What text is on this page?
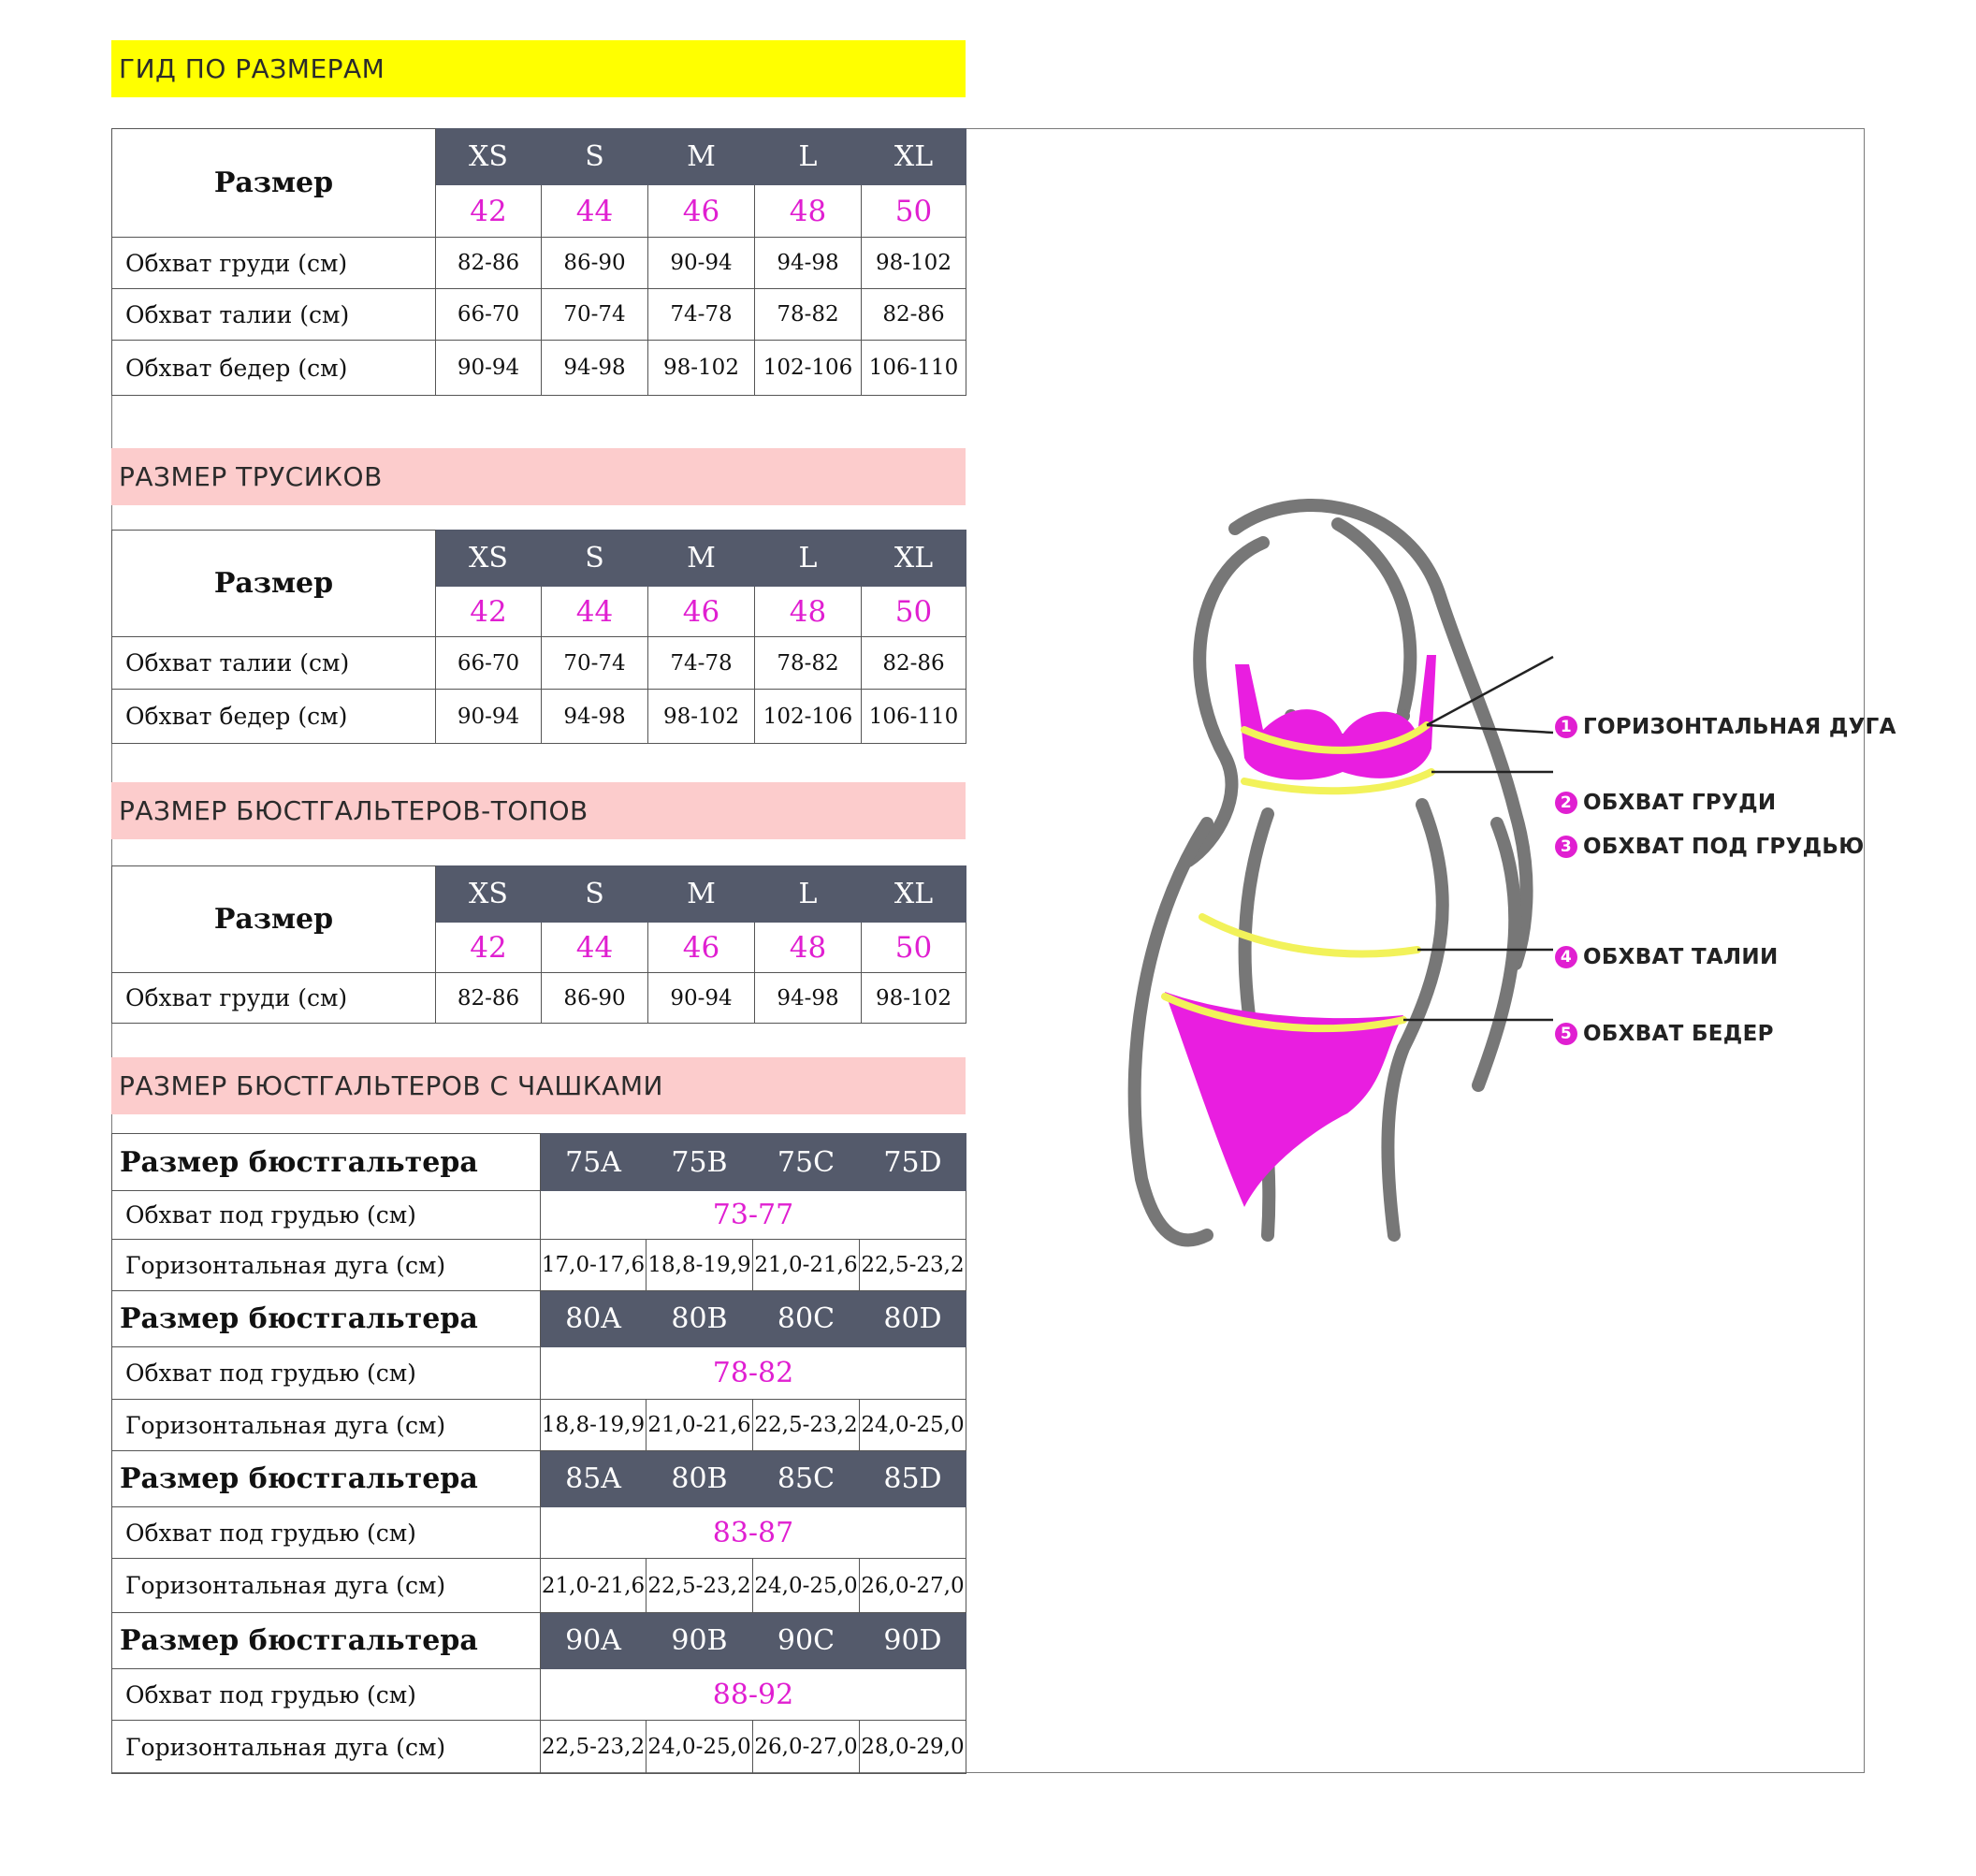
ГИД ПО РАЗМЕРАМ
Размер	XS	S	M	L	XL
	42	44	46	48	50
Обхват груди (см)	82-86	86-90	90-94	94-98	98-102
Обхват талии (см)	66-70	70-74	74-78	78-82	82-86
Обхват бедер (см)	90-94	94-98	98-102	102-106	106-110
РАЗМЕР ТРУСИКОВ
Размер	XS	S	M	L	XL
	42	44	46	48	50
Обхват талии (см)	66-70	70-74	74-78	78-82	82-86
Обхват бедер (см)	90-94	94-98	98-102	102-106	106-110
РАЗМЕР БЮСТГАЛЬТЕРОВ-ТОПОВ
Размер	XS	S	M	L	XL
	42	44	46	48	50
Обхват груди (см)	82-86	86-90	90-94	94-98	98-102
РАЗМЕР БЮСТГАЛЬТЕРОВ С ЧАШКАМИ
Размер бюстгальтера	75A	75B	75C	75D
Обхват под грудью (см)	73-77			
Горизонтальная дуга (см)	17,0-17,6	18,8-19,9	21,0-21,6	22,5-23,2
Размер бюстгальтера	80A	80B	80C	80D
Обхват под грудью (см)	78-82			
Горизонтальная дуга (см)	18,8-19,9	21,0-21,6	22,5-23,2	24,0-25,0
Размер бюстгальтера	85A	80B	85C	85D
Обхват под грудью (см)	83-87			
Горизонтальная дуга (см)	21,0-21,6	22,5-23,2	24,0-25,0	26,0-27,0
Размер бюстгальтера	90A	90B	90C	90D
Обхват под грудью (см)	88-92			
Горизонтальная дуга (см)	22,5-23,2	24,0-25,0	26,0-27,0	28,0-29,0
1 ГОРИЗОНТАЛЬНАЯ ДУГА
2 ОБХВАТ ГРУДИ
3 ОБХВАТ ПОД ГРУДЬЮ
4 ОБХВАТ ТАЛИИ
5 ОБХВАТ БЕДЕР
